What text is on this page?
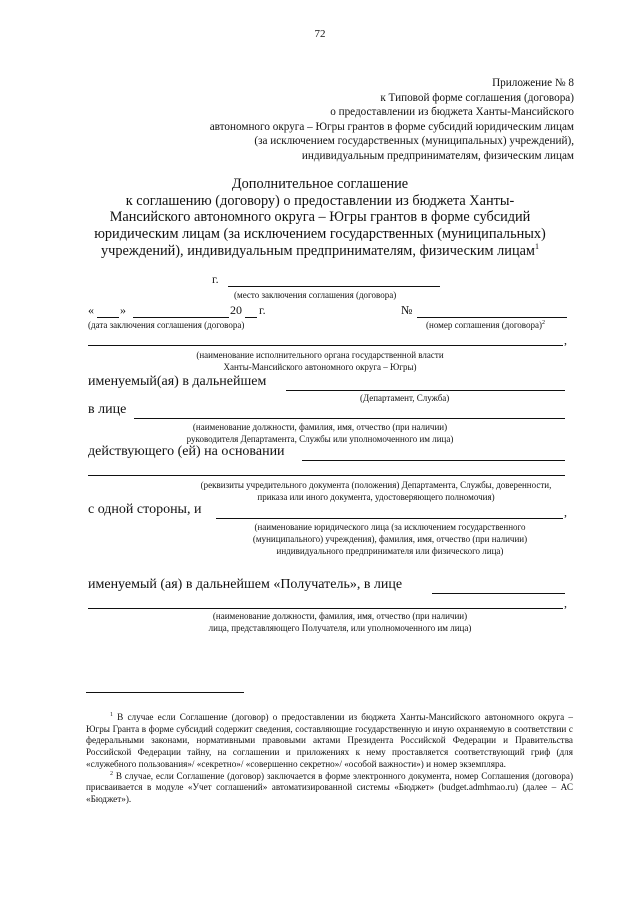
72
Приложение № 8
к Типовой форме соглашения (договора)
о предоставлении из бюджета Ханты-Мансийского
автономного округа – Югры грантов в форме субсидий юридическим лицам
(за исключением государственных (муниципальных) учреждений),
индивидуальным предпринимателям, физическим лицам
Дополнительное соглашение
к соглашению (договору) о предоставлении из бюджета Ханты-
Мансийского автономного округа – Югры грантов в форме субсидий
юридическим лицам (за исключением государственных (муниципальных)
учреждений), индивидуальным предпринимателям, физическим лицам$^1$
г.
(место заключения соглашения (договора)
« »	20 г.	№
(дата заключения соглашения (договора)	(номер соглашения (договора)$^2$
,
(наименование исполнительного органа государственной власти
Ханты-Мансийского автономного округа – Югры)
именуемый(ая) в дальнейшем
(Департамент, Служба)
в лице
(наименование должности, фамилия, имя, отчество (при наличии)
руководителя Департамента, Службы или уполномоченного им лица)
действующего (ей) на основании
(реквизиты учредительного документа (положения) Департамента, Службы, доверенности,
приказа или иного документа, удостоверяющего полномочия)
с одной стороны, и	,
(наименование юридического лица (за исключением государственного
(муниципального) учреждения), фамилия, имя, отчество (при наличии)
индивидуального предпринимателя или физического лица)
именуемый (ая) в дальнейшем «Получатель», в лице
,
(наименование должности, фамилия, имя, отчество (при наличии)
лица, представляющего Получателя, или уполномоченного им лица)

$^1$ В случае если Соглашение (договор) о предоставлении из бюджета Ханты-Мансийского автономного округа – Югры Гранта в форме субсидий содержит сведения, составляющие государственную и иную охраняемую в соответствии с федеральными законами, нормативными правовыми актами Президента Российской Федерации и Правительства Российской Федерации тайну, на соглашении и приложениях к нему проставляется соответствующий гриф (для «служебного пользования»/ «секретно»/ «совершенно секретно»/ «особой важности») и номер экземпляра.

$^2$ В случае, если Соглашение (договор) заключается в форме электронного документа, номер Соглашения (договора) присваивается в модуле «Учет соглашений» автоматизированной системы «Бюджет» (budget.admhmao.ru) (далее – АС «Бюджет»).
